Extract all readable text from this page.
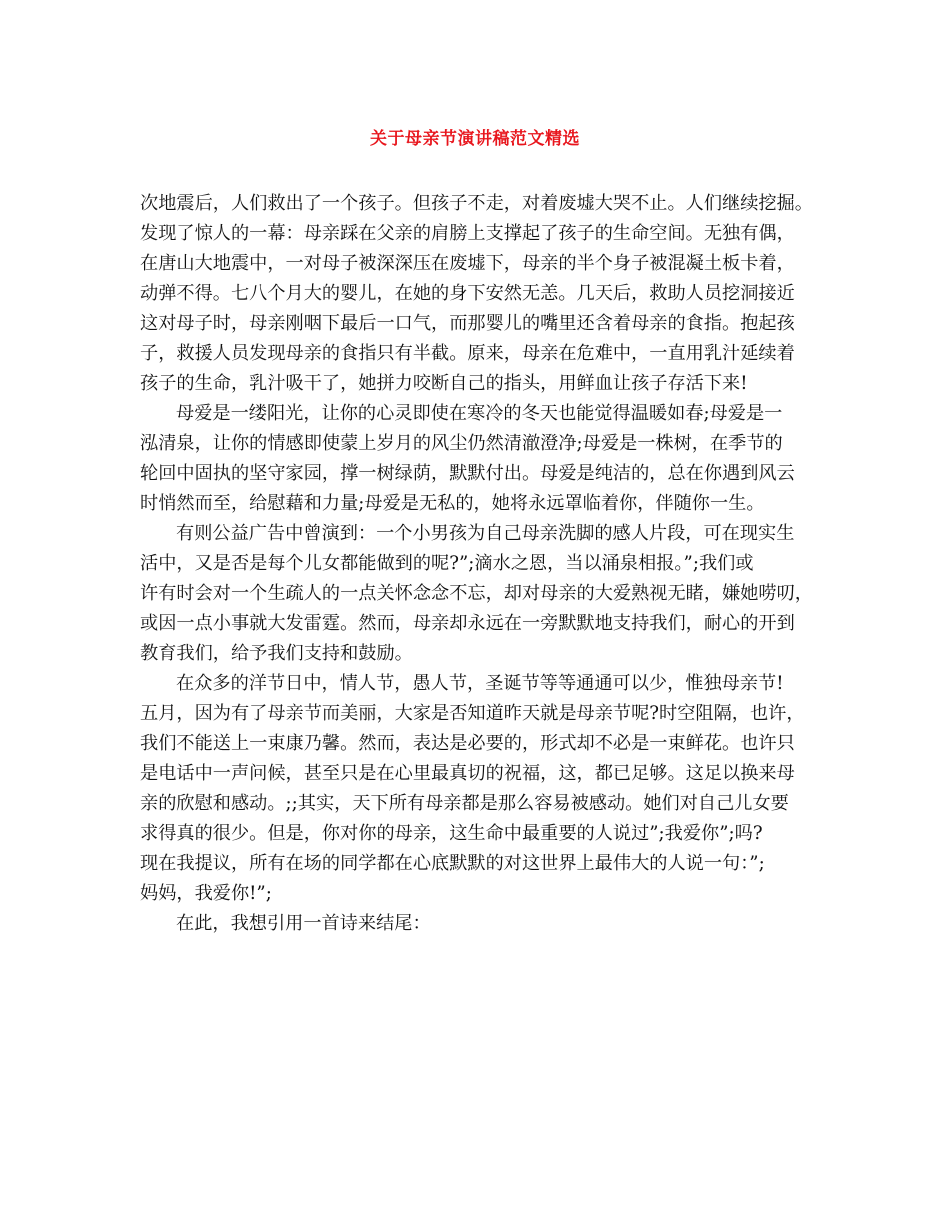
关于母亲节演讲稿范文精选
次地震后，人们救出了一个孩子。但孩子不走，对着废墟大哭不止。人们继续挖掘。
发现了惊人的一幕：母亲踩在父亲的肩膀上支撑起了孩子的生命空间。无独有偶，
在唐山大地震中，一对母子被深深压在废墟下，母亲的半个身子被混凝土板卡着，
动弹不得。七八个月大的婴儿，在她的身下安然无恙。几天后，救助人员挖洞接近
这对母子时，母亲刚咽下最后一口气，而那婴儿的嘴里还含着母亲的食指。抱起孩
子，救援人员发现母亲的食指只有半截。原来，母亲在危难中，一直用乳汁延续着
孩子的生命，乳汁吸干了，她拼力咬断自己的指头，用鲜血让孩子存活下来!
母爱是一缕阳光，让你的心灵即使在寒冷的冬天也能觉得温暖如春;母爱是一
泓清泉，让你的情感即使蒙上岁月的风尘仍然清澈澄净;母爱是一株树，在季节的
轮回中固执的坚守家园，撑一树绿荫，默默付出。母爱是纯洁的，总在你遇到风云
时悄然而至，给慰藉和力量;母爱是无私的，她将永远罩临着你，伴随你一生。
有则公益广告中曾演到：一个小男孩为自己母亲洗脚的感人片段，可在现实生
活中，又是否是每个儿女都能做到的呢?”;滴水之恩，当以涌泉相报。”;我们或
许有时会对一个生疏人的一点关怀念念不忘，却对母亲的大爱熟视无睹，嫌她唠叨，
或因一点小事就大发雷霆。然而，母亲却永远在一旁默默地支持我们，耐心的开到
教育我们，给予我们支持和鼓励。
在众多的洋节日中，情人节，愚人节，圣诞节等等通通可以少，惟独母亲节!
五月，因为有了母亲节而美丽，大家是否知道昨天就是母亲节呢?时空阻隔，也许，
我们不能送上一束康乃馨。然而，表达是必要的，形式却不必是一束鲜花。也许只
是电话中一声问候，甚至只是在心里最真切的祝福，这，都已足够。这足以换来母
亲的欣慰和感动。;;其实，天下所有母亲都是那么容易被感动。她们对自己儿女要
求得真的很少。但是，你对你的母亲，这生命中最重要的人说过”;我爱你”;吗?
现在我提议，所有在场的同学都在心底默默的对这世界上最伟大的人说一句：”;
妈妈，我爱你!”;
在此，我想引用一首诗来结尾：
